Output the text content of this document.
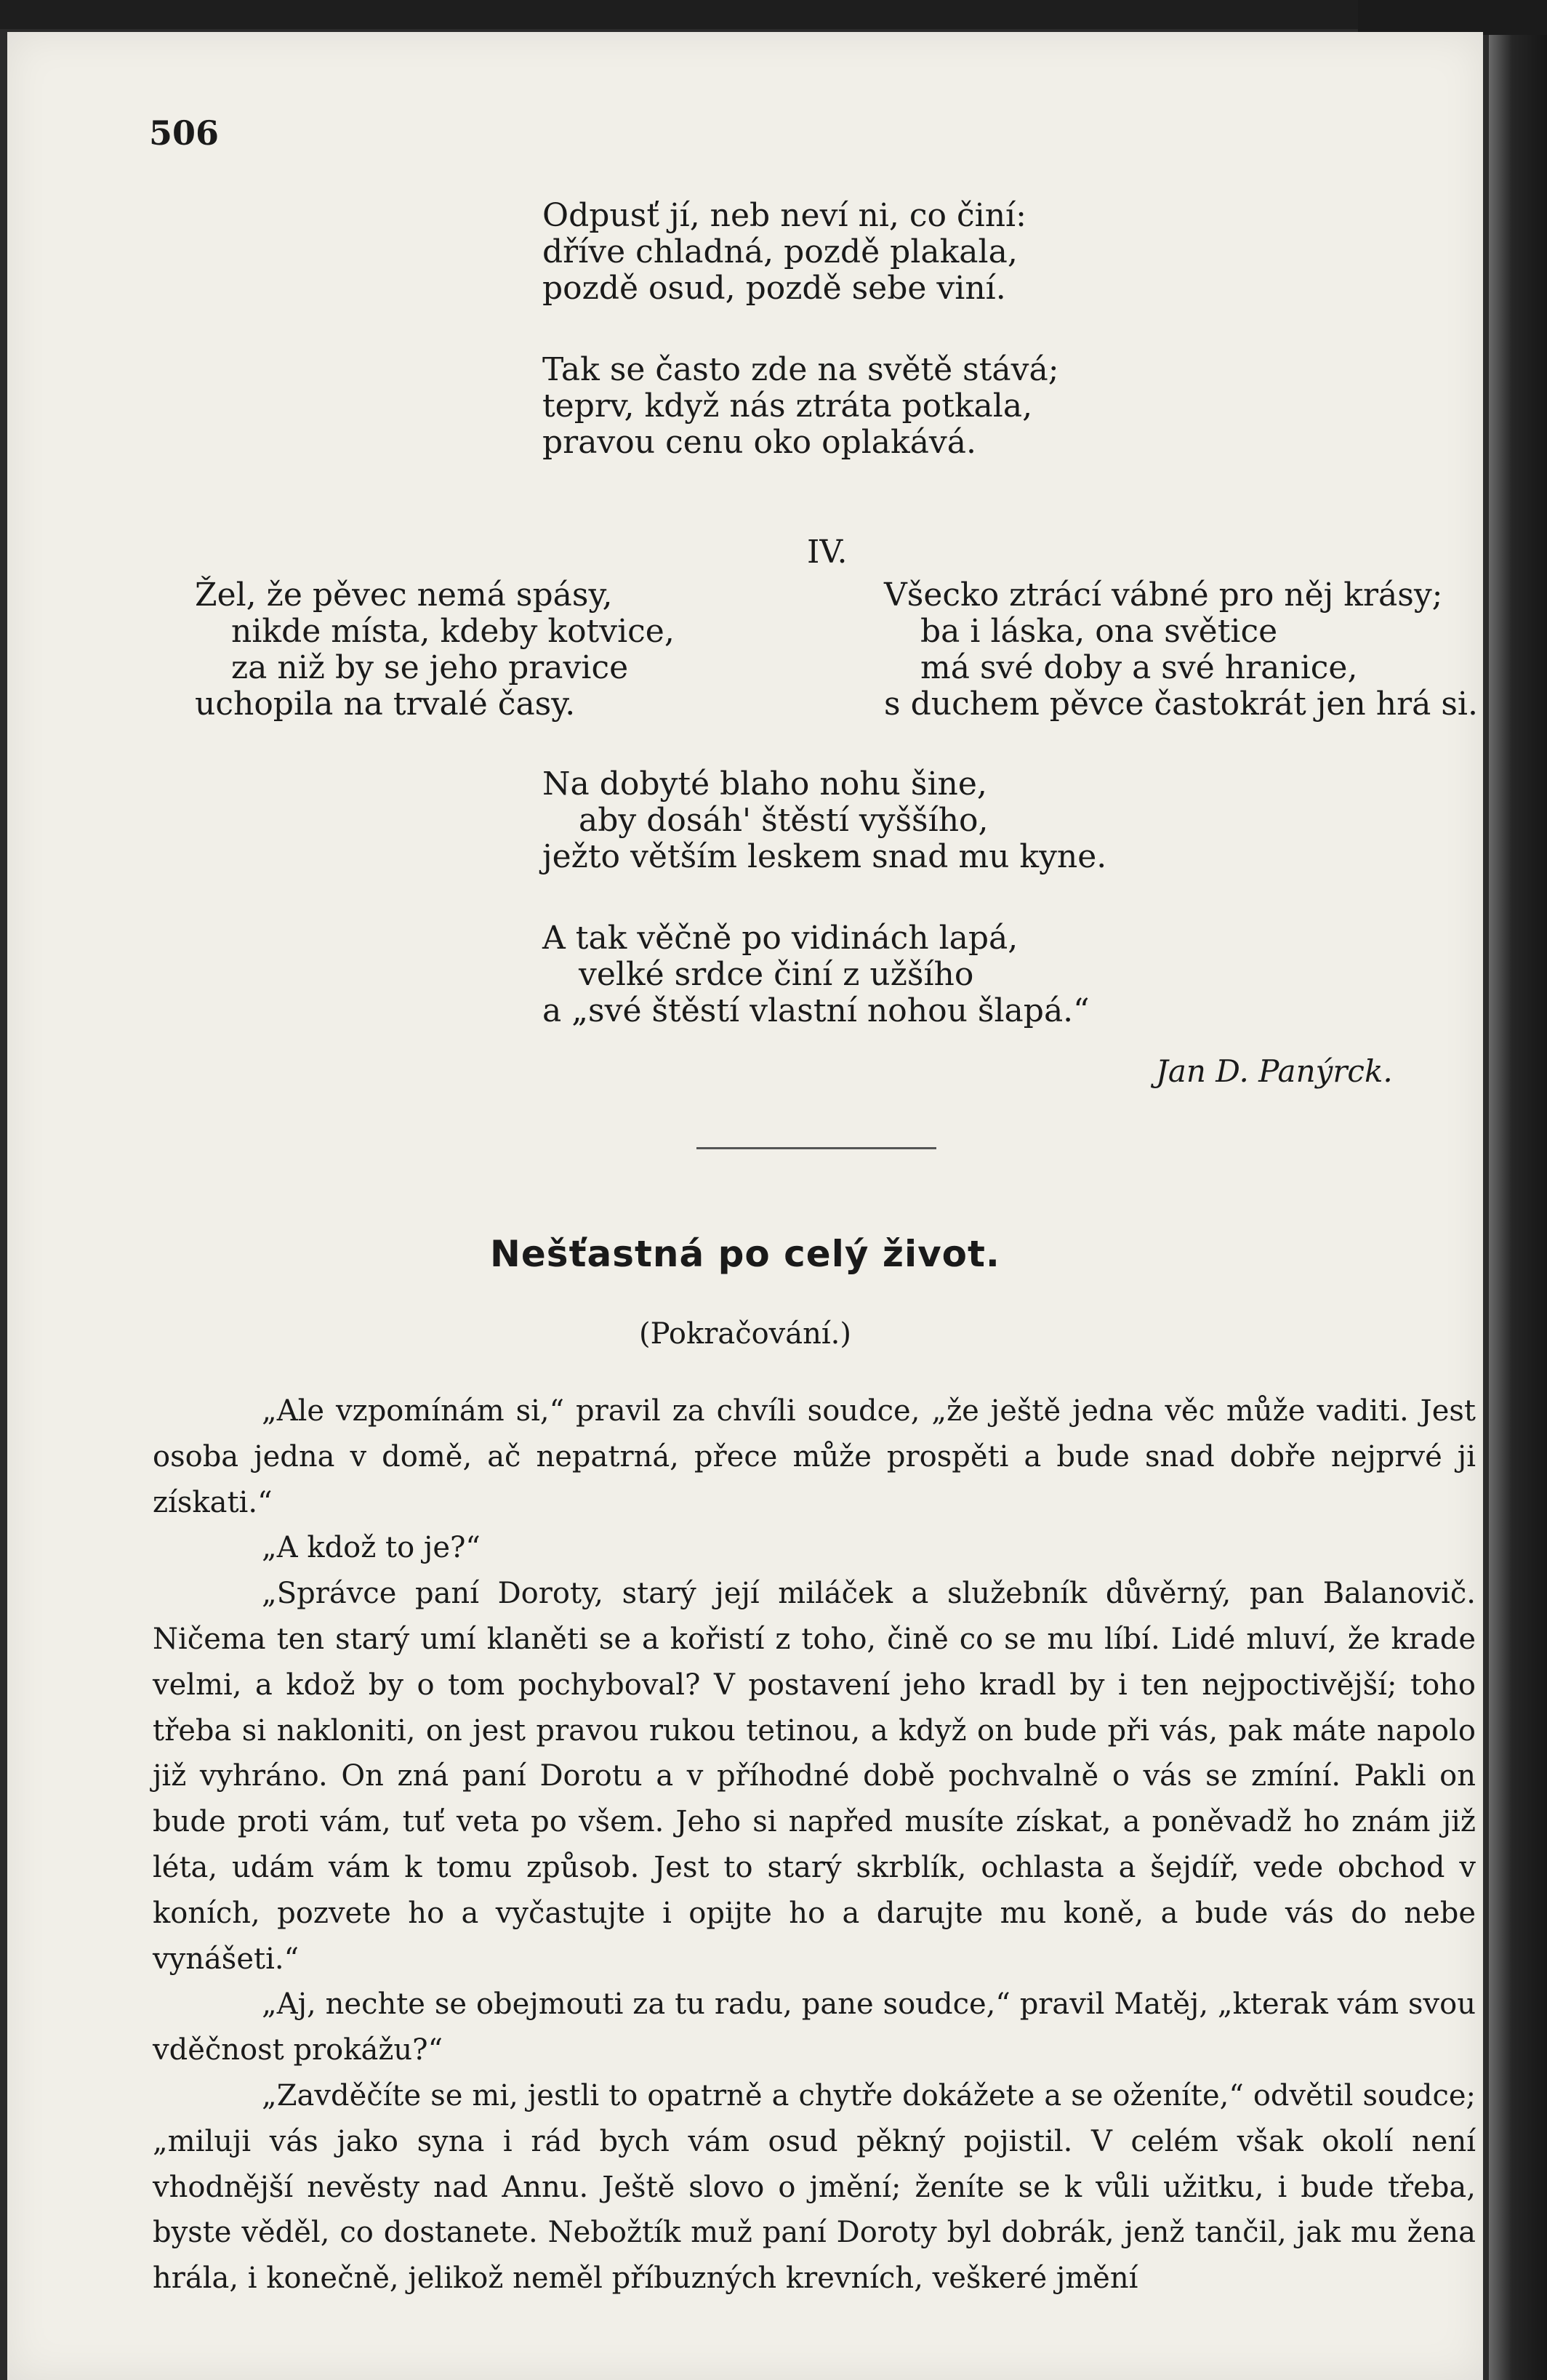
506
Odpusť jí, neb neví ni, co činí:
dříve chladná, pozdě plakala,
pozdě osud, pozdě sebe viní.
Tak se často zde na světě stává;
teprv, když nás ztráta potkala,
pravou cenu oko oplakává.
IV.
Žel, že pěvec nemá spásy,
nikde místa, kdeby kotvice,
za niž by se jeho pravice
uchopila na trvalé časy.
Všecko ztrácí vábné pro něj krásy;
ba i láska, ona světice
má své doby a své hranice,
s duchem pěvce častokrát jen hrá si.
Na dobyté blaho nohu šine,
aby dosáh' štěstí vyššího,
ježto větším leskem snad mu kyne.
A tak věčně po vidinách lapá,
velké srdce činí z užšího
a „své štěstí vlastní nohou šlapá.“
Jan D. Panýrck.
Nešťastná po celý život.
(Pokračování.)

„Ale vzpomínám si,“ pravil za chvíli soudce, „že ještě jedna věc může vaditi. Jest osoba jedna v domě, ač nepatrná, přece může prospěti a bude snad dobře nejprvé ji získati.“

„A kdož to je?“

„Správce paní Doroty, starý její miláček a služebník důvěrný, pan Balanovič. Ničema ten starý umí klaněti se a kořistí z toho, čině co se mu líbí. Lidé mluví, že krade velmi, a kdož by o tom pochyboval? V postavení jeho kradl by i ten nejpoctivější; toho třeba si nakloniti, on jest pravou rukou tetinou, a když on bude při vás, pak máte napolo již vyhráno. On zná paní Dorotu a v příhodné době pochvalně o vás se zmíní. Pakli on bude proti vám, tuť veta po všem. Jeho si napřed musíte získat, a poněvadž ho znám již léta, udám vám k tomu způsob. Jest to starý skrblík, ochlasta a šejdíř, vede obchod v koních, pozvete ho a vyčastujte i opijte ho a darujte mu koně, a bude vás do nebe vynášeti.“

„Aj, nechte se obejmouti za tu radu, pane soudce,“ pravil Matěj, „kterak vám svou vděčnost prokážu?“

„Zavděčíte se mi, jestli to opatrně a chytře dokážete a se oženíte,“ odvětil soudce; „miluji vás jako syna i rád bych vám osud pěkný pojistil. V celém však okolí není vhodnější nevěsty nad Annu. Ještě slovo o jmění; ženíte se k vůli užitku, i bude třeba, byste věděl, co dostanete. Nebožtík muž paní Doroty byl dobrák, jenž tančil, jak mu žena hrála, i konečně, jelikož neměl příbuzných krevních, veškeré jmění
